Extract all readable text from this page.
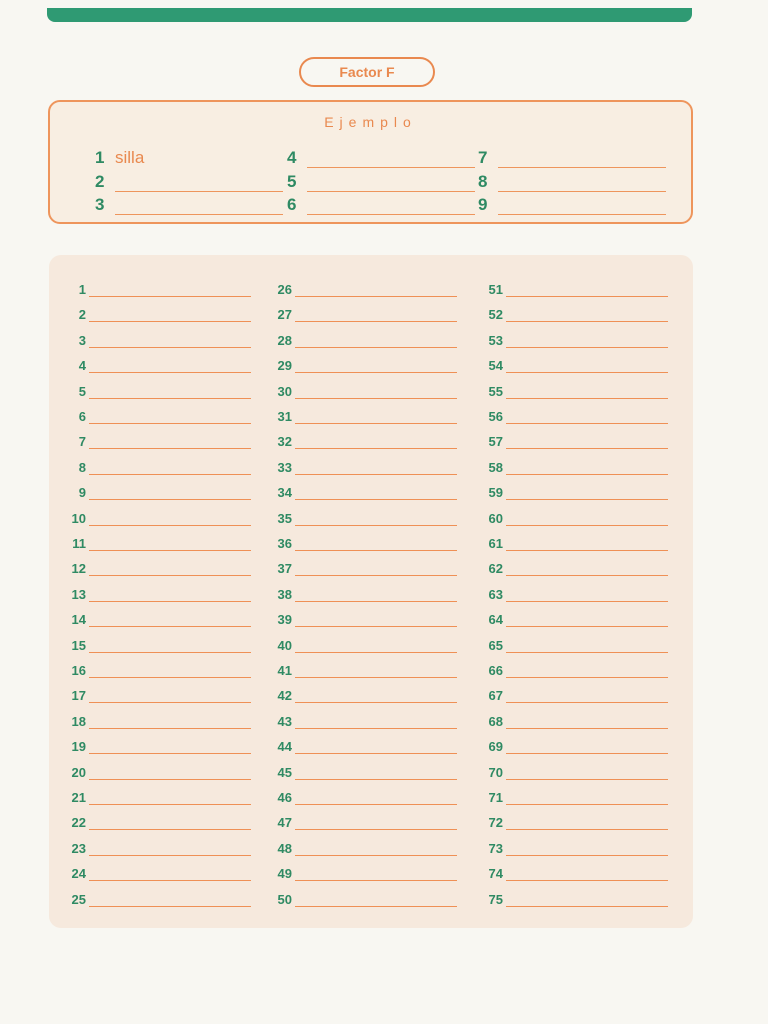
Factor F
Ejemplo
1 silla
2
3
4
5
6
7
8
9
1
2
3
4
5
6
7
8
9
10
11
12
13
14
15
16
17
18
19
20
21
22
23
24
25
26
27
28
29
30
31
32
33
34
35
36
37
38
39
40
41
42
43
44
45
46
47
48
49
50
51
52
53
54
55
56
57
58
59
60
61
62
63
64
65
66
67
68
69
70
71
72
73
74
75
